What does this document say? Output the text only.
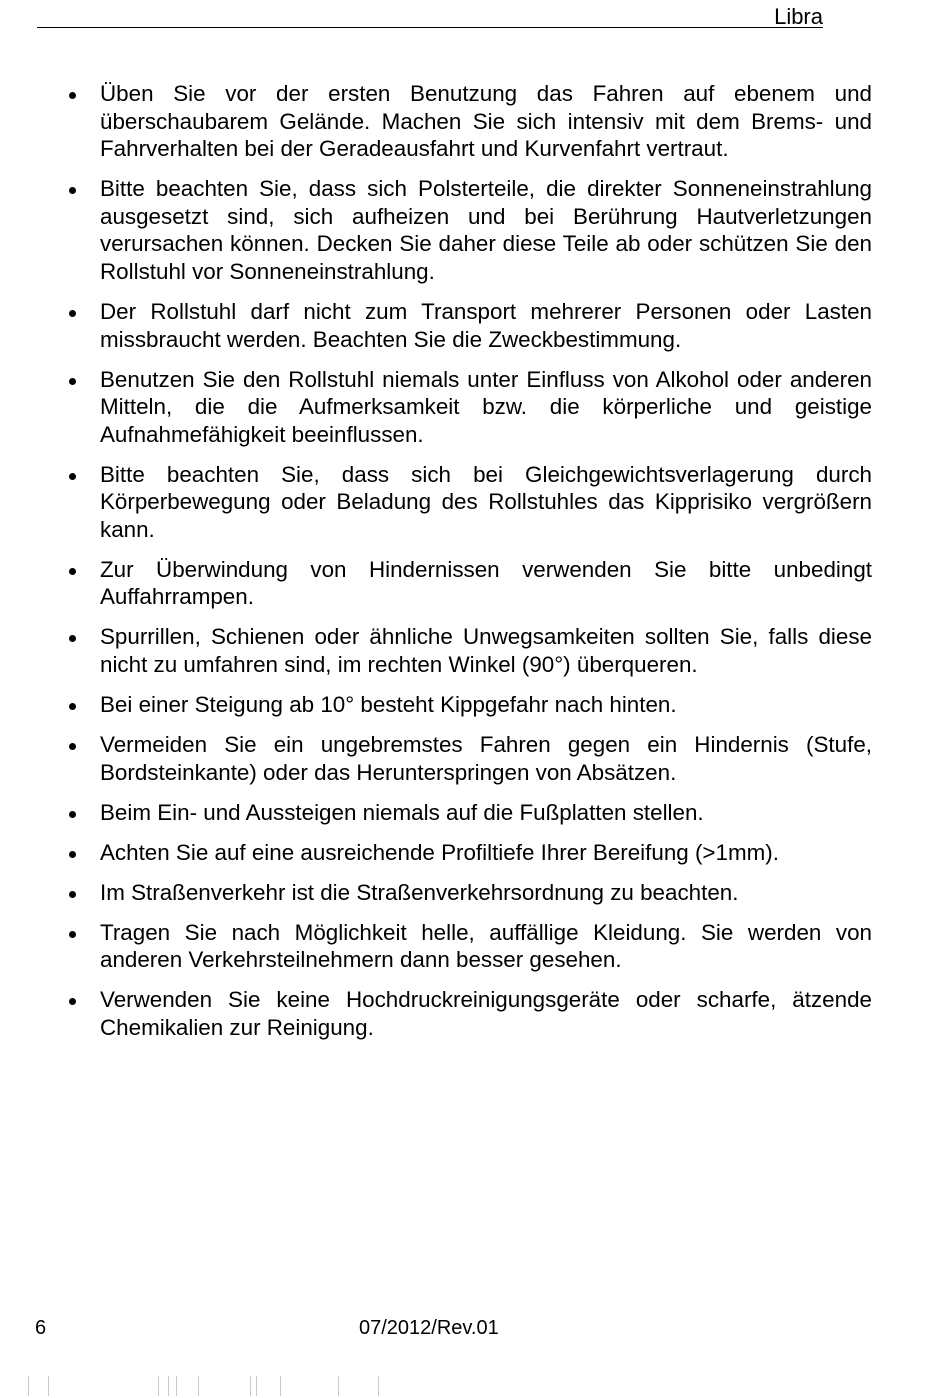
Libra
Üben Sie vor der ersten Benutzung das Fahren auf ebenem und überschaubarem Gelände. Machen Sie sich intensiv mit dem Brems- und Fahrverhalten bei der Geradeausfahrt und Kurvenfahrt vertraut.
Bitte beachten Sie, dass sich Polsterteile, die direkter Sonneneinstrahlung ausgesetzt sind, sich aufheizen und bei Berührung Hautverletzungen verursachen können. Decken Sie daher diese Teile ab oder schützen Sie den Rollstuhl vor Sonneneinstrahlung.
Der Rollstuhl darf nicht zum Transport mehrerer Personen oder Lasten missbraucht werden. Beachten Sie die Zweckbestimmung.
Benutzen Sie den Rollstuhl niemals unter Einfluss von Alkohol oder anderen Mitteln, die die Aufmerksamkeit bzw. die körperliche und geistige Aufnahmefähigkeit beeinflussen.
Bitte beachten Sie, dass sich bei Gleichgewichtsverlagerung durch Körperbewegung oder Beladung des Rollstuhles das Kipprisiko vergrößern kann.
Zur Überwindung von Hindernissen verwenden Sie bitte unbedingt Auffahrrampen.
Spurrillen, Schienen oder ähnliche Unwegsamkeiten sollten Sie, falls diese nicht zu umfahren sind, im rechten Winkel (90°) überqueren.
Bei einer Steigung ab 10° besteht Kippgefahr nach hinten.
Vermeiden Sie ein ungebremstes Fahren gegen ein Hindernis (Stufe, Bordsteinkante) oder das Herunterspringen von Absätzen.
Beim Ein- und Aussteigen niemals auf die Fußplatten stellen.
Achten Sie auf eine ausreichende Profiltiefe Ihrer Bereifung (>1mm).
Im Straßenverkehr ist die Straßenverkehrsordnung zu beachten.
Tragen Sie nach Möglichkeit helle, auffällige Kleidung. Sie werden von anderen Verkehrsteilnehmern dann besser gesehen.
Verwenden Sie keine Hochdruckreinigungsgeräte oder scharfe, ätzende Chemikalien zur Reinigung.
6	07/2012/Rev.01
